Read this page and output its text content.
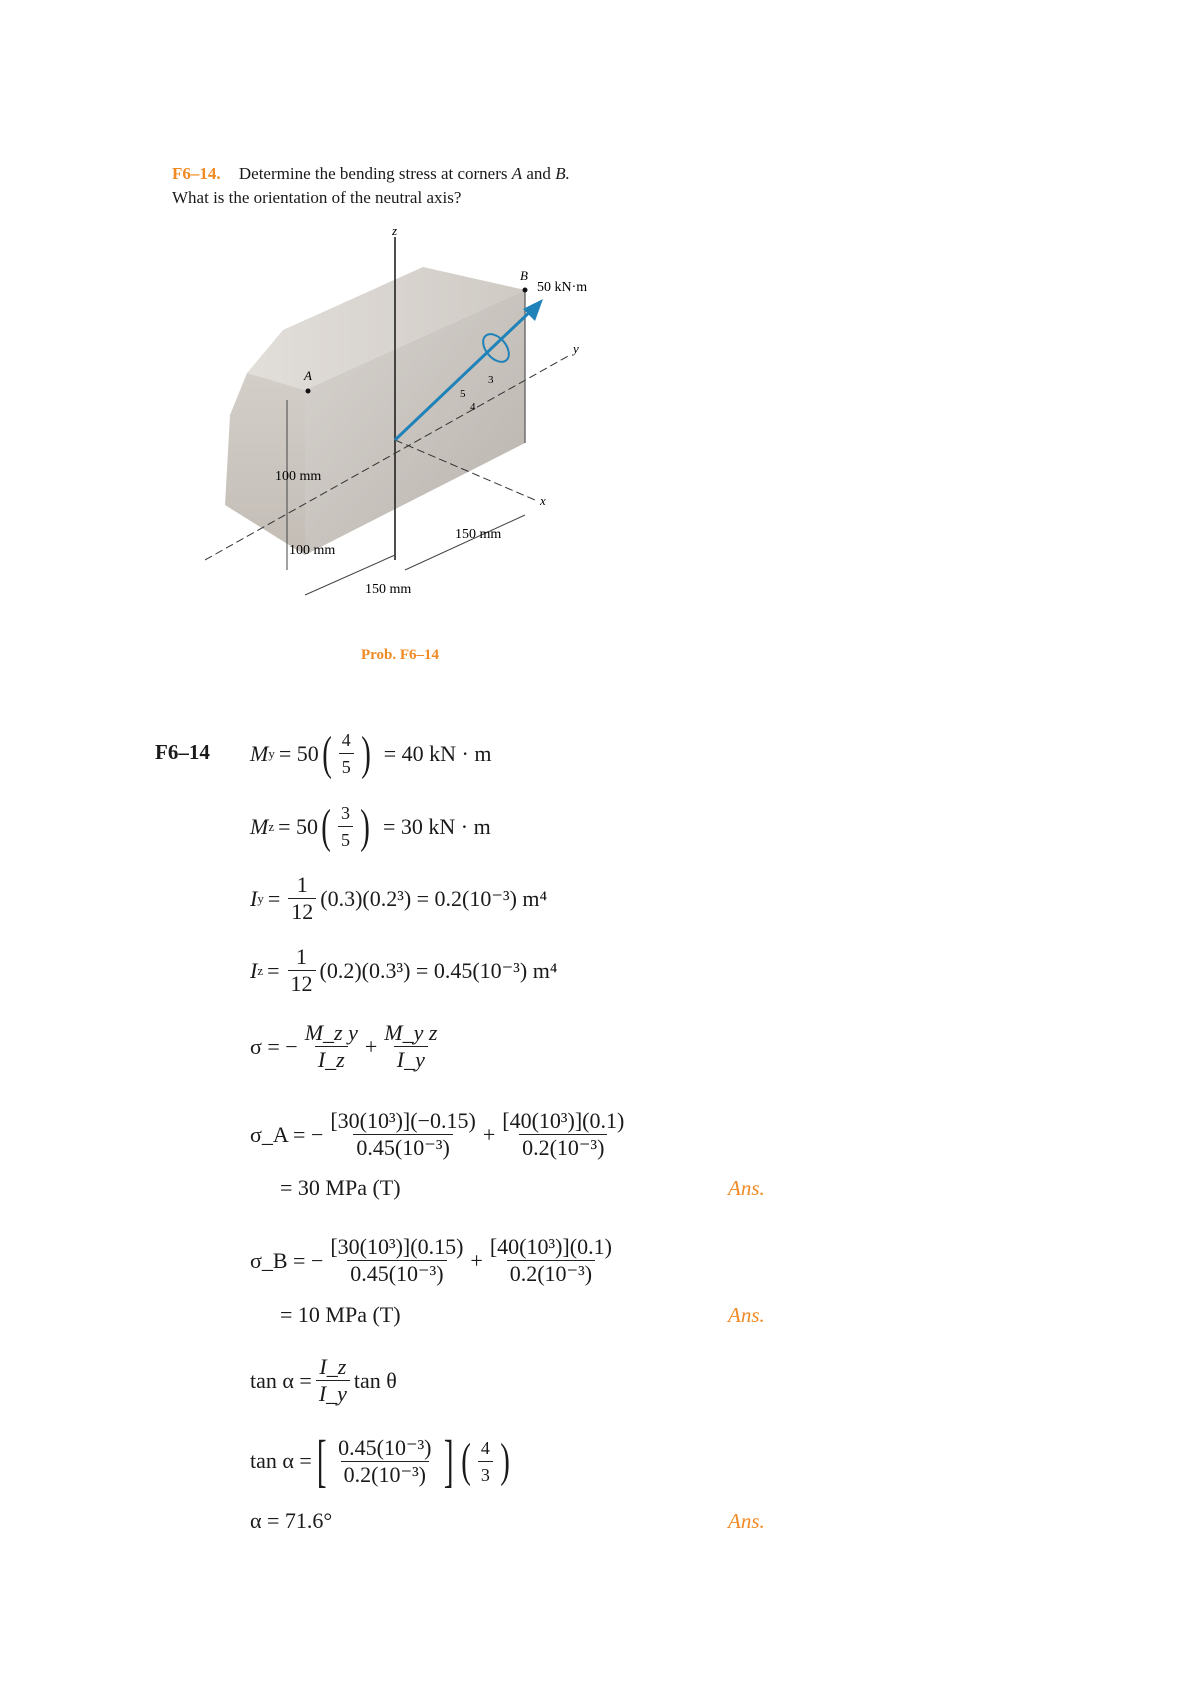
F6–14. Determine the bending stress at corners A and B.
What is the orientation of the neutral axis?
z
y
x
A
B
50 kN·m
5
3
4
100 mm
100 mm
150 mm
150 mm
Prob. F6–14
F6–14 M y = 50 ( $\frac{4}{5}$ ) = 40 kN · m
M z = 50 ( $\frac{3}{5}$ ) = 30 kN · m
I $y = \frac{1}{12} (0.3)(0.2^3) = 0.2(10^{-3})$ m⁴
I $z = \frac{1}{12} (0.2)(0.3^3) = 0.45(10^{-3})$ m⁴
σ = − $\frac{\text{M\_z y}}{I\_z} + \frac{\text{M\_y z}}{I\_y}$
σ_A = − $\frac{\text{[30(10³)](−0.15)}}{\text{0.45(10⁻³)}} + \frac{\text{[40(10³)](0.1)}}{\text{0.2(10⁻³)}}$
= 30 MPa (T)	Ans.
σ_B = − $\frac{\text{[30(10³)](0.15)}}{\text{0.45(10⁻³)}} + \frac{\text{[40(10³)](0.1)}}{\text{0.2(10⁻³)}}$
= 10 MPa (T)	Ans.
$\tan \alpha = \frac{I\_z}{I\_y}$ tan θ
tan α = [ $\frac{\text{0.45(10⁻³)}}{\text{0.2(10⁻³)}}$ ] ( $\frac{4}{3}$ )
α = 71.6°	Ans.
